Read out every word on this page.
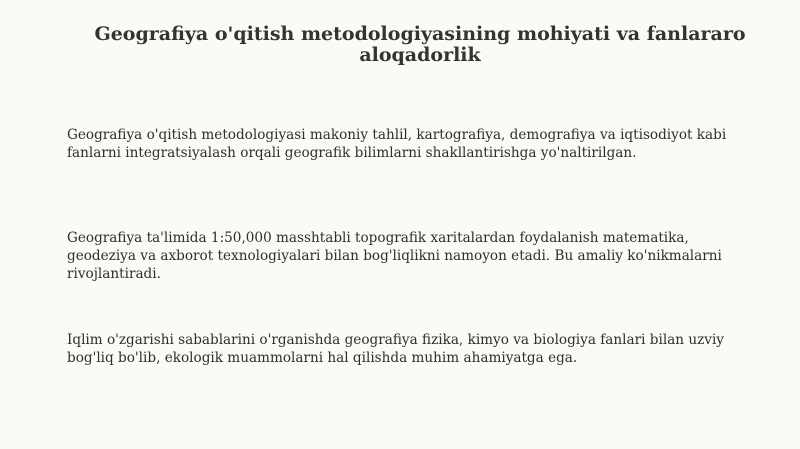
Geografiya o'qitish metodologiyasining mohiyati va fanlararo aloqadorlik

Geografiya o'qitish metodologiyasi makoniy tahlil, kartografiya, demografiya va iqtisodiyot kabi fanlarni integratsiyalash orqali geografik bilimlarni shakllantirishga yo'naltirilgan.

Geografiya ta'limida 1:50,000 masshtabli topografik xaritalardan foydalanish matematika, geodeziya va axborot texnologiyalari bilan bog'liqlikni namoyon etadi. Bu amaliy ko'nikmalarni rivojlantiradi.

Iqlim o'zgarishi sabablarini o'rganishda geografiya fizika, kimyo va biologiya fanlari bilan uzviy bog'liq bo'lib, ekologik muammolarni hal qilishda muhim ahamiyatga ega.
